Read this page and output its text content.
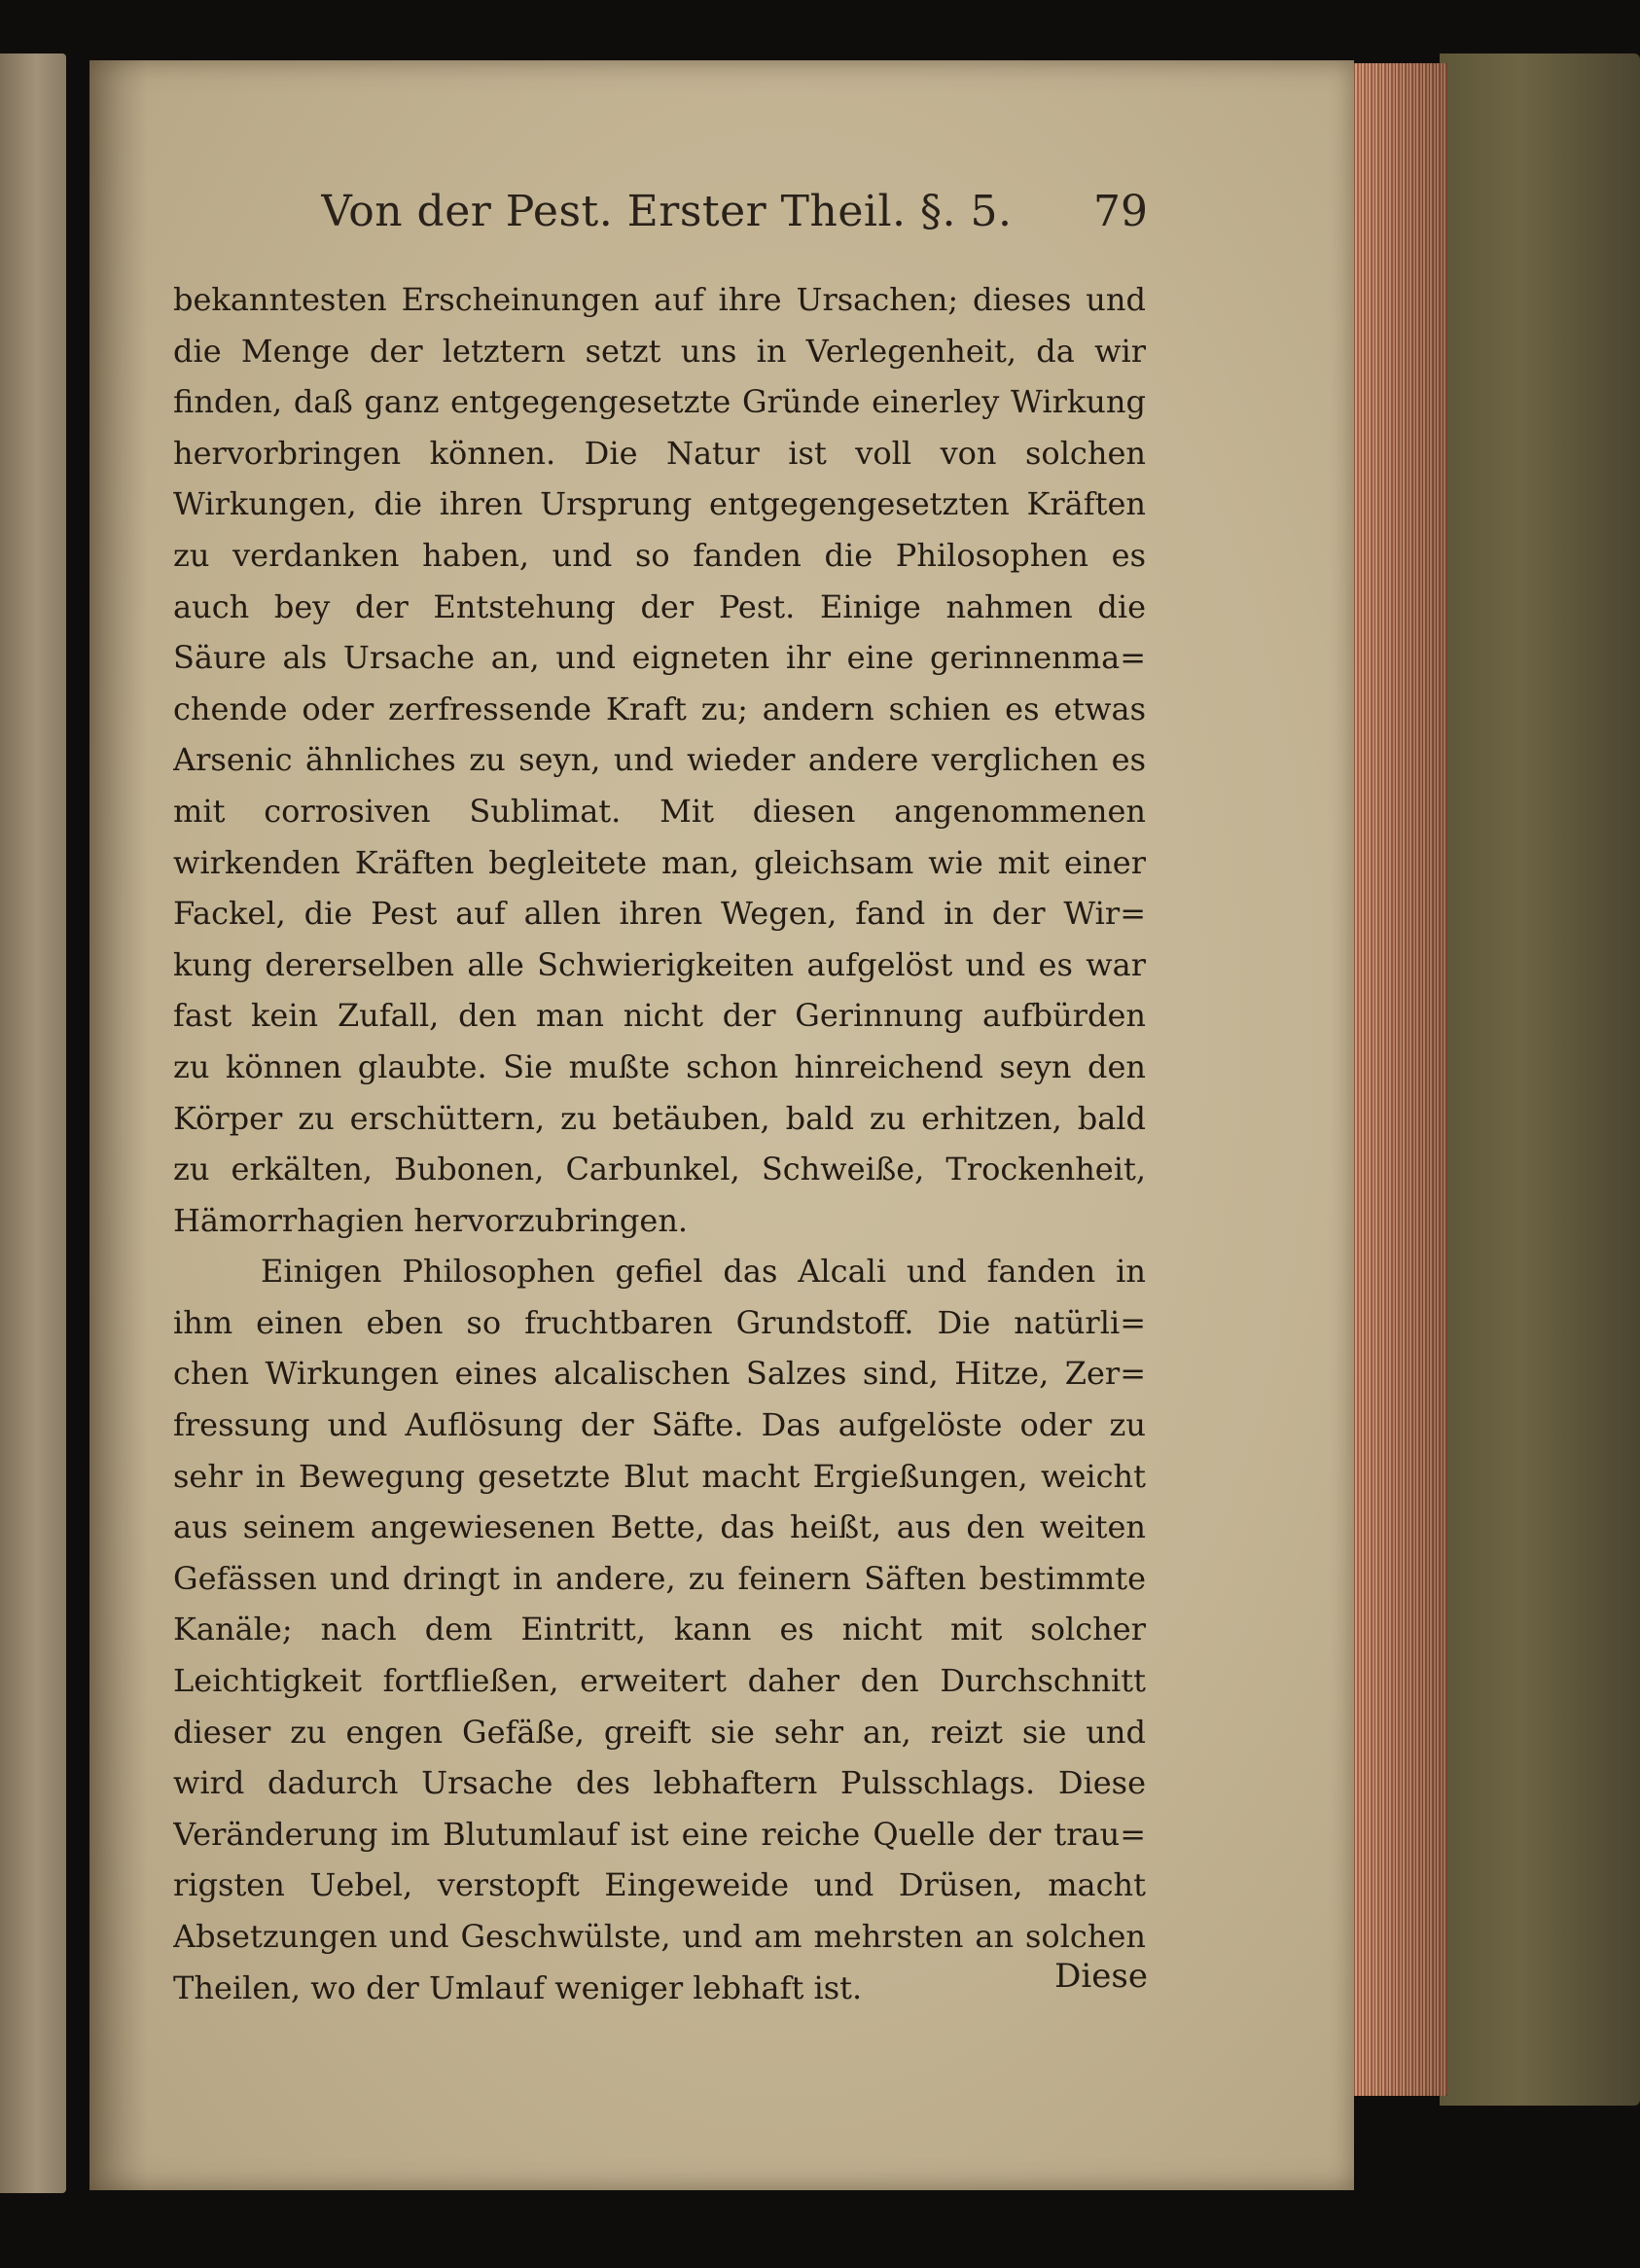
Von der Pest. Erster Theil. §. 5. 79
bekanntesten Erscheinungen auf ihre Ursachen; dieses und
die Menge der letztern setzt uns in Verlegenheit, da wir
finden, daß ganz entgegengesetzte Gründe einerley Wirkung
hervorbringen können. Die Natur ist voll von solchen
Wirkungen, die ihren Ursprung entgegengesetzten Kräften
zu verdanken haben, und so fanden die Philosophen es
auch bey der Entstehung der Pest. Einige nahmen die
Säure als Ursache an, und eigneten ihr eine gerinnenma=
chende oder zerfressende Kraft zu; andern schien es etwas
Arsenic ähnliches zu seyn, und wieder andere verglichen es
mit corrosiven Sublimat. Mit diesen angenommenen
wirkenden Kräften begleitete man, gleichsam wie mit einer
Fackel, die Pest auf allen ihren Wegen, fand in der Wir=
kung dererselben alle Schwierigkeiten aufgelöst und es war
fast kein Zufall, den man nicht der Gerinnung aufbürden
zu können glaubte. Sie mußte schon hinreichend seyn den
Körper zu erschüttern, zu betäuben, bald zu erhitzen, bald
zu erkälten, Bubonen, Carbunkel, Schweiße, Trockenheit,
Hämorrhagien hervorzubringen.
Einigen Philosophen gefiel das Alcali und fanden in
ihm einen eben so fruchtbaren Grundstoff. Die natürli=
chen Wirkungen eines alcalischen Salzes sind, Hitze, Zer=
fressung und Auflösung der Säfte. Das aufgelöste oder zu
sehr in Bewegung gesetzte Blut macht Ergießungen, weicht
aus seinem angewiesenen Bette, das heißt, aus den weiten
Gefässen und dringt in andere, zu feinern Säften bestimmte
Kanäle; nach dem Eintritt, kann es nicht mit solcher
Leichtigkeit fortfließen, erweitert daher den Durchschnitt
dieser zu engen Gefäße, greift sie sehr an, reizt sie und
wird dadurch Ursache des lebhaftern Pulsschlags. Diese
Veränderung im Blutumlauf ist eine reiche Quelle der trau=
rigsten Uebel, verstopft Eingeweide und Drüsen, macht
Absetzungen und Geschwülste, und am mehrsten an solchen
Theilen, wo der Umlauf weniger lebhaft ist.	Diese
